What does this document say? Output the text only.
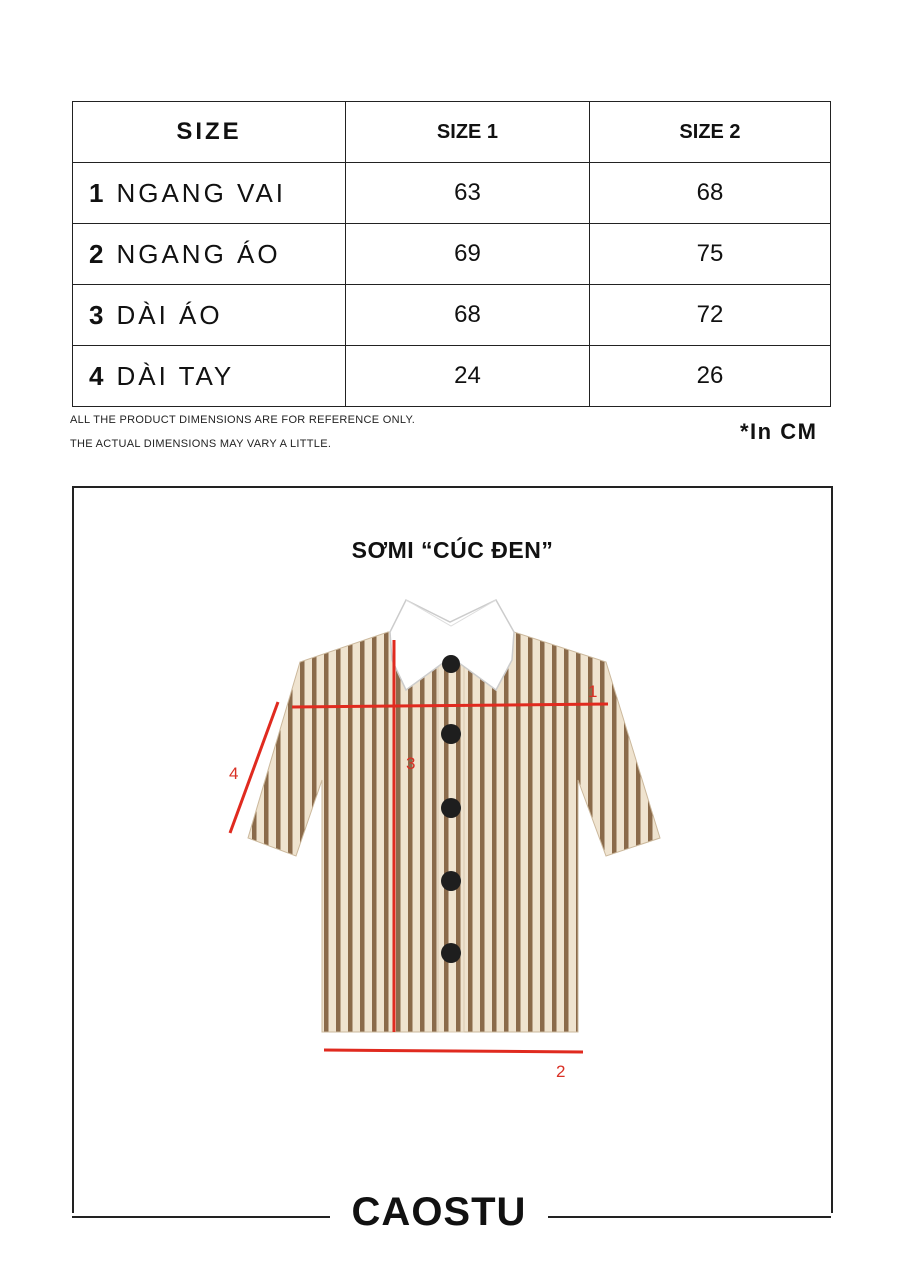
SIZE	SIZE 1	SIZE 2
1 NGANG VAI	63	68
2 NGANG ÁO	69	75
3 DÀI ÁO	68	72
4 DÀI TAY	24	26
ALL THE PRODUCT DIMENSIONS ARE FOR REFERENCE ONLY.
THE ACTUAL DIMENSIONS MAY VARY A LITTLE.	*In CM
CAOSTU
SƠMI “CÚC ĐEN”
1
2
3
4
